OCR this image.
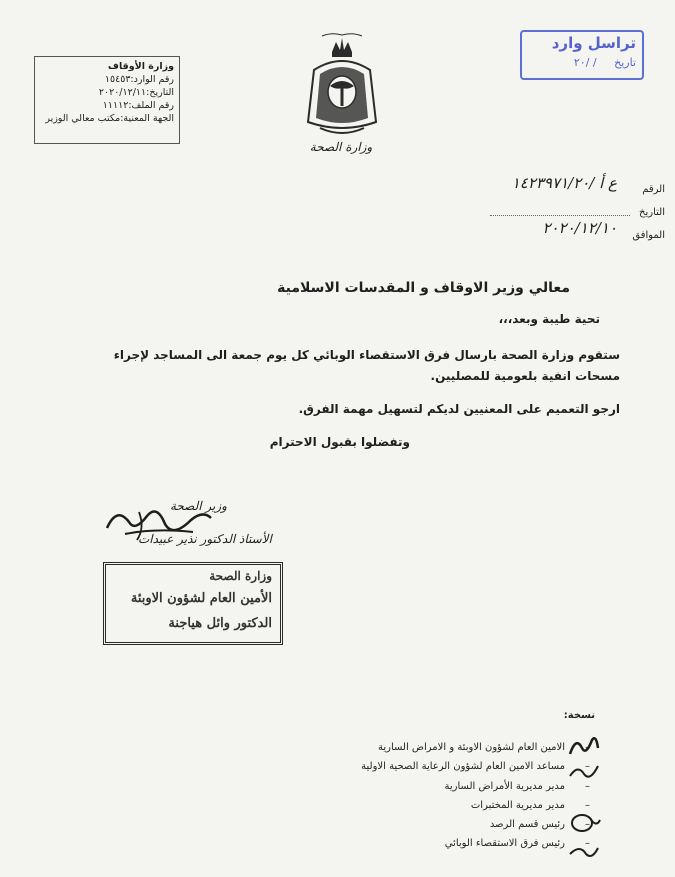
وزارة الأوقاف
رقم الوارد:١٥٤٥٣
التاريخ:٢٠٢٠/١٢/١١
رقم الملف:١١١١٢
الجهة المعنية:مكتب معالي الوزير
وزارة الصحة
تراسل وارد
تاريخ / /٢٠
الرقم
ع أ /١٤٢٣٩٧١/٢٠
التاريخ
الموافق
٢٠٢٠/١٢/١٠
معالي وزير الاوقاف و المقدسات الاسلامية
تحية طيبة وبعد،،،
ستقوم وزارة الصحة بارسال فرق الاستقصاء الوبائي كل يوم جمعة الى المساجد لإجراء مسحات انفية بلعومية للمصليين.
ارجو التعميم على المعنيين لديكم لتسهيل مهمة الفرق.
وتفضلوا بقبول الاحترام
وزير الصحة
الأستاذ الدكتور نذير عبيدات
وزارة الصحة
الأمين العام لشؤون الاوبئة
الدكتور وائل هياجنة
نسخة:
الامين العام لشؤون الاوبئة و الامراض السارية
مساعد الامين العام لشؤون الرعاية الصحية الاولية
مدير مديرية الأمراض السارية
مدير مديرية المختبرات
رئيس قسم الرصد
رئيس فرق الاستقصاء الوبائي
–
–
–
–
–
–
